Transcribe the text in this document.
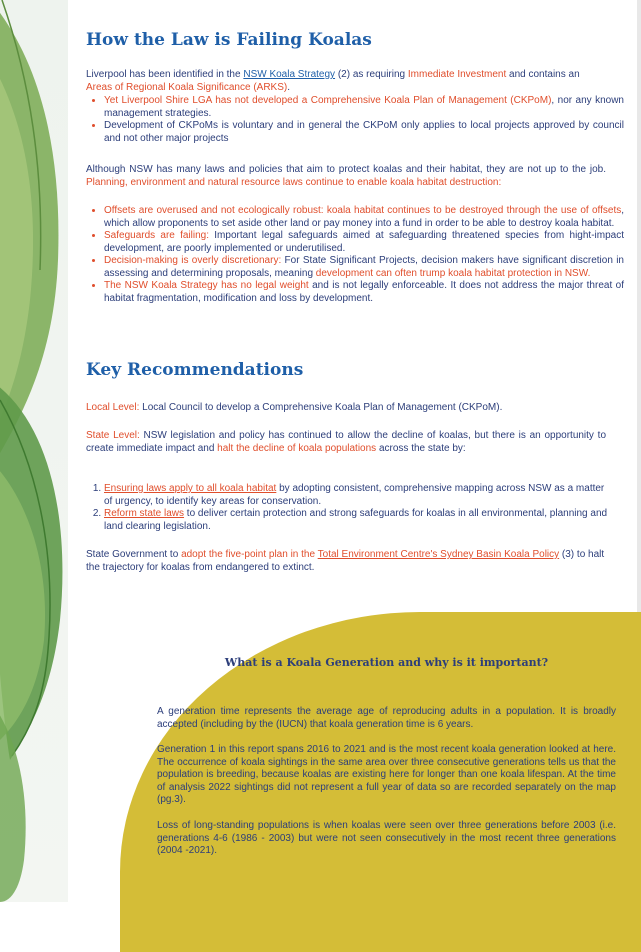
How the Law is Failing Koalas

Liverpool has been identified in the NSW Koala Strategy (2) as requiring Immediate Investment and contains an Areas of Regional Koala Significance (ARKS).

• Yet Liverpool Shire LGA has not developed a Comprehensive Koala Plan of Management (CKPoM), nor any known management strategies.
• Development of CKPoMs is voluntary and in general the CKPoM only applies to local projects approved by council and not other major projects

Although NSW has many laws and policies that aim to protect koalas and their habitat, they are not up to the job. Planning, environment and natural resource laws continue to enable koala habitat destruction:

• Offsets are overused and not ecologically robust: koala habitat continues to be destroyed through the use of offsets, which allow proponents to set aside other land or pay money into a fund in order to be able to destroy koala habitat.
• Safeguards are failing: Important legal safeguards aimed at safeguarding threatened species from hight-impact development, are poorly implemented or underutilised.
• Decision-making is overly discretionary: For State Significant Projects, decision makers have significant discretion in assessing and determining proposals, meaning development can often trump koala habitat protection in NSW.
• The NSW Koala Strategy has no legal weight and is not legally enforceable. It does not address the major threat of habitat fragmentation, modification and loss by development.
Key Recommendations

Local Level: Local Council to develop a Comprehensive Koala Plan of Management (CKPoM).

State Level: NSW legislation and policy has continued to allow the decline of koalas, but there is an opportunity to create immediate impact and halt the decline of koala populations across the state by:

1. Ensuring laws apply to all koala habitat by adopting consistent, comprehensive mapping across NSW as a matter of urgency, to identify key areas for conservation.
2. Reform state laws to deliver certain protection and strong safeguards for koalas in all environmental, planning and land clearing legislation.

State Government to adopt the five-point plan in the Total Environment Centre's Sydney Basin Koala Policy (3) to halt the trajectory for koalas from endangered to extinct.

What is a Koala Generation and why is it important?

A generation time represents the average age of reproducing adults in a population. It is broadly accepted (including by the (IUCN) that koala generation time is 6 years.

Generation 1 in this report spans 2016 to 2021 and is the most recent koala generation looked at here. The occurrence of koala sightings in the same area over three consecutive generations tells us that the population is breeding, because koalas are existing here for longer than one koala lifespan. At the time of analysis 2022 sightings did not represent a full year of data so are recorded separately on the map (pg.3).

Loss of long-standing populations is when koalas were seen over three generations before 2003 (i.e. generations 4-6 (1986 - 2003) but were not seen consecutively in the most recent three generations (2004 -2021).
